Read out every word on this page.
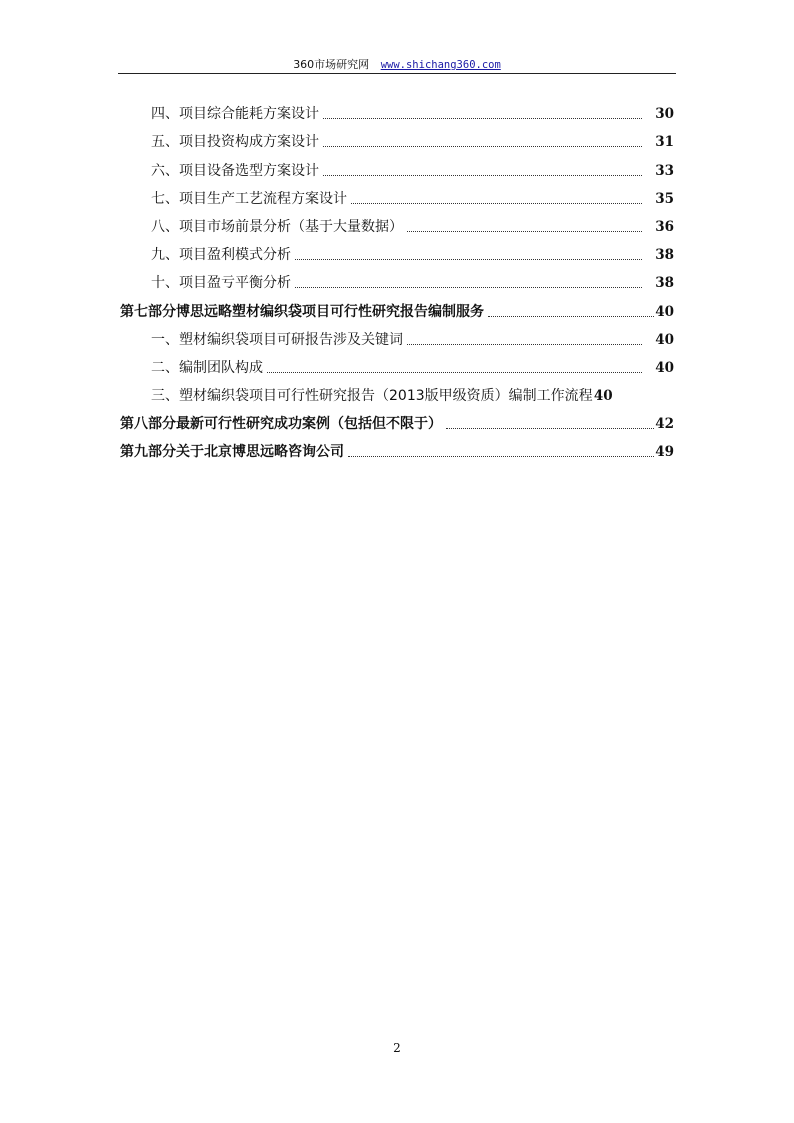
360市场研究网 www.shichang360.com
四、项目综合能耗方案设计	30
五、项目投资构成方案设计	31
六、项目设备选型方案设计	33
七、项目生产工艺流程方案设计	35
八、项目市场前景分析（基于大量数据）	36
九、项目盈利模式分析	38
十、项目盈亏平衡分析	38
第七部分博思远略塑材编织袋项目可行性研究报告编制服务	40
一、塑材编织袋项目可研报告涉及关键词	40
二、编制团队构成	40
三、塑材编织袋项目可行性研究报告（2013版甲级资质）编制工作流程 40
第八部分最新可行性研究成功案例（包括但不限于）	42
第九部分关于北京博思远略咨询公司	49
2
